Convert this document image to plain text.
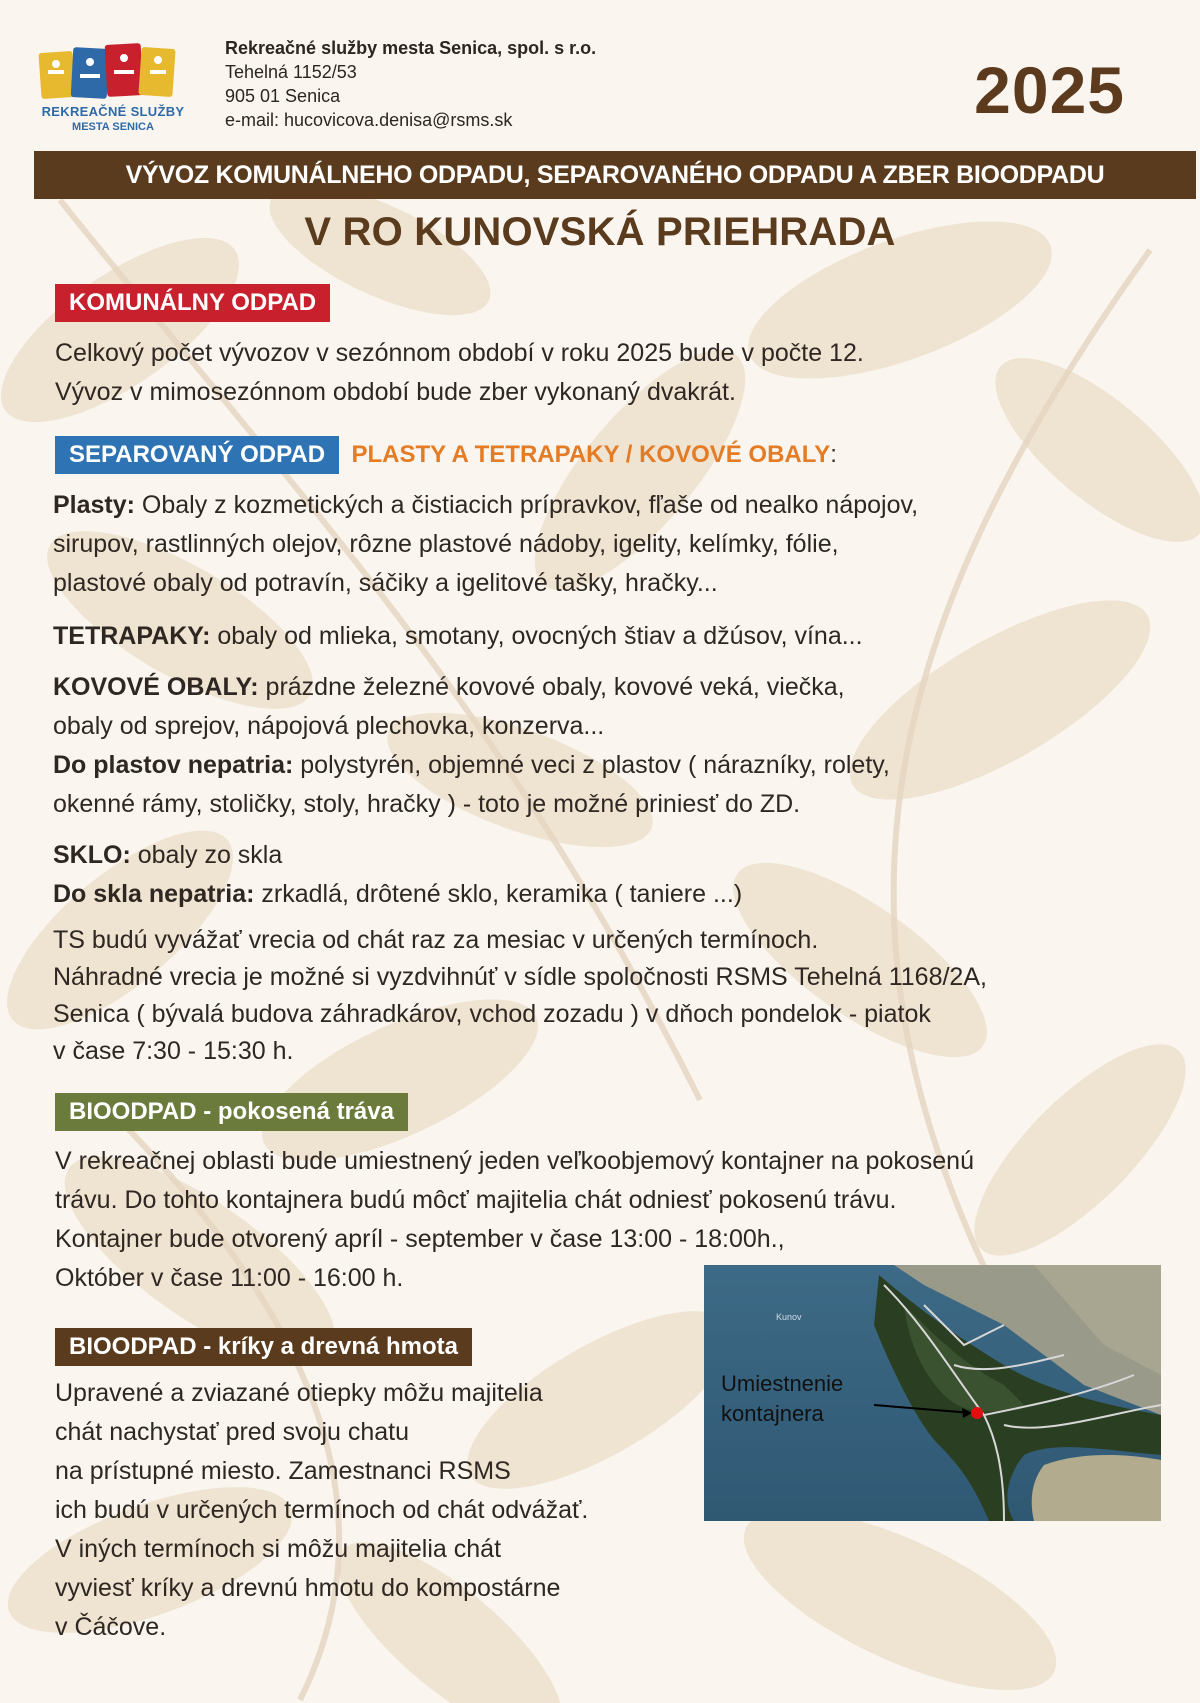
REKREAČNÉ SLUŽBY
MESTA SENICA
Rekreačné služby mesta Senica, spol. s r.o.
Tehelná 1152/53
905 01 Senica
e-mail: hucovicova.denisa@rsms.sk	2025
VÝVOZ KOMUNÁLNEHO ODPADU, SEPAROVANÉHO ODPADU A ZBER BIOODPADU
V RO KUNOVSKÁ PRIEHRADA
KOMUNÁLNY ODPAD
Celkový počet vývozov v sezónnom období v roku 2025 bude v počte 12.
Vývoz v mimosezónnom období bude zber vykonaný dvakrát.
SEPAROVANÝ ODPAD PLASTY A TETRAPAKY / KOVOVÉ OBALY:
Plasty: Obaly z kozmetických a čistiacich prípravkov, fľaše od nealko nápojov,
sirupov, rastlinných olejov, rôzne plastové nádoby, igelity, kelímky, fólie,
plastové obaly od potravín, sáčiky a igelitové tašky, hračky...
TETRAPAKY: obaly od mlieka, smotany, ovocných štiav a džúsov, vína...
KOVOVÉ OBALY: prázdne železné kovové obaly, kovové veká, viečka,
obaly od sprejov, nápojová plechovka, konzerva...
Do plastov nepatria: polystyrén, objemné veci z plastov ( nárazníky, rolety,
okenné rámy, stoličky, stoly, hračky ) - toto je možné priniesť do ZD.
SKLO: obaly zo skla
Do skla nepatria: zrkadlá, drôtené sklo, keramika ( taniere ...)
TS budú vyvážať vrecia od chát raz za mesiac v určených termínoch.
Náhradné vrecia je možné si vyzdvihnúť v sídle spoločnosti RSMS Tehelná 1168/2A,
Senica ( bývalá budova záhradkárov, vchod zozadu ) v dňoch pondelok - piatok
v čase 7:30 - 15:30 h.
BIOODPAD - pokosená tráva
V rekreačnej oblasti bude umiestnený jeden veľkoobjemový kontajner na pokosenú
trávu. Do tohto kontajnera budú môcť majitelia chát odniesť pokosenú trávu.
Kontajner bude otvorený apríl - september v čase 13:00 - 18:00h.,
Október v čase 11:00 - 16:00 h.
BIOODPAD - kríky a drevná hmota
Upravené a zviazané otiepky môžu majitelia
chát nachystať pred svoju chatu
na prístupné miesto. Zamestnanci RSMS
ich budú v určených termínoch od chát odvážať.
V iných termínoch si môžu majitelia chát
vyviesť kríky a drevnú hmotu do kompostárne
v Čáčove.
Kunov
Umiestnenie
kontajnera
